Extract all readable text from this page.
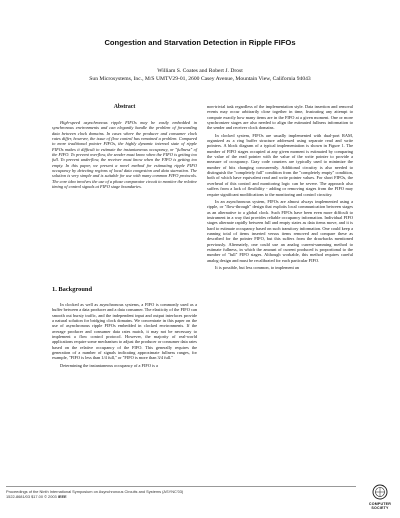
Congestion and Starvation Detection in Ripple FIFOs
William S. Coates and Robert J. Drost
Sun Microsystems, Inc., M/S UMTV29-01, 2600 Casey Avenue, Mountain View, California 94043
Abstract
High-speed asynchronous ripple FIFOs may be easily embedded in synchronous environments and can elegantly handle the problem of forwarding data between clock domains. In cases where the producer and consumer clock rates differ, however, the issue of flow control has remained a problem. Compared to more traditional pointer FIFOs, the highly dynamic internal state of ripple FIFOs makes it difficult to estimate the instantaneous occupancy, or "fullness" of the FIFO. To prevent overflow, the sender must know when the FIFO is getting too full. To prevent underflow, the receiver must know when the FIFO is getting too empty. In this paper, we present a novel method for estimating ripple FIFO occupancy by detecting regions of local data congestion and data starvation. The solution is very simple and is suitable for use with many common FIFO protocols. The core idea involves the use of a phase comparator circuit to monitor the relative timing of control signals at FIFO stage boundaries.
1. Background

In clocked as well as asynchronous systems, a FIFO is commonly used as a buffer between a data producer and a data consumer. The elasticity of the FIFO can smooth out bursty traffic, and the independent input and output interfaces provide a natural solution for bridging clock domains. We concentrate in this paper on the use of asynchronous ripple FIFOs embedded in clocked environments. If the average producer and consumer data rates match, it may not be necessary to implement a flow control protocol. However, the majority of real-world applications require some mechanism to adjust the producer or consumer data rates based on the relative occupancy of the FIFO. This generally requires the generation of a number of signals indicating approximate fullness ranges, for example, "FIFO is less than 1/4 full," or "FIFO is more than 3/4 full."

Determining the instantaneous occupancy of a FIFO is a

non-trivial task regardless of the implementation style. Data insertion and removal events may occur arbitrarily close together in time, frustrating any attempt to compute exactly how many items are in the FIFO at a given moment. One or more synchronizer stages are also needed to align the estimated fullness information to the sender and receiver clock domains.

In clocked system, FIFOs are usually implemented with dual-port RAM, organized as a ring buffer structure addressed using separate read and write pointers. A block diagram of a typical implementation is shown in Figure 1. The number of FIFO stages occupied at any given moment is estimated by comparing the value of the read pointer with the value of the write pointer to provide a measure of occupancy. Gray code counters are typically used to minimize the number of bits changing concurrently. Additional circuitry is also needed to distinguish the "completely full" condition from the "completely empty" condition, both of which have equivalent read and write pointer values. For short FIFOs, the overhead of this control and monitoring logic can be severe. The approach also suffers from a lack of flexibility - adding or removing stages from the FIFO may require significant modifications to the monitoring and control circuitry.

In an asynchronous system, FIFOs are almost always implemented using a ripple, or "flow-through" design that exploits local communication between stages as an alternative to a global clock. Such FIFOs have been even more difficult to instrument in a way that provides reliable occupancy information. Individual FIFO stages alternate rapidly between full and empty states as data items move, and it is hard to estimate occupancy based on such transitory information. One could keep a running total of items inserted versus items removed and compare these as described for the pointer FIFO, but this suffers from the drawbacks mentioned previously. Alternately, one could use an analog current-summing method to estimate fullness, in which the amount of current produced is proportional to the number of "full" FIFO stages. Although workable, this method requires careful analog design and must be recalibrated for each particular FIFO.

It is possible, but less common, to implement an

Proceedings of the Ninth International Symposium on Asynchronous Circuits and Systems (ASYNC'03)
1522-8681/03 $17.00 © 2003 IEEE
COMPUTER
SOCIETY
